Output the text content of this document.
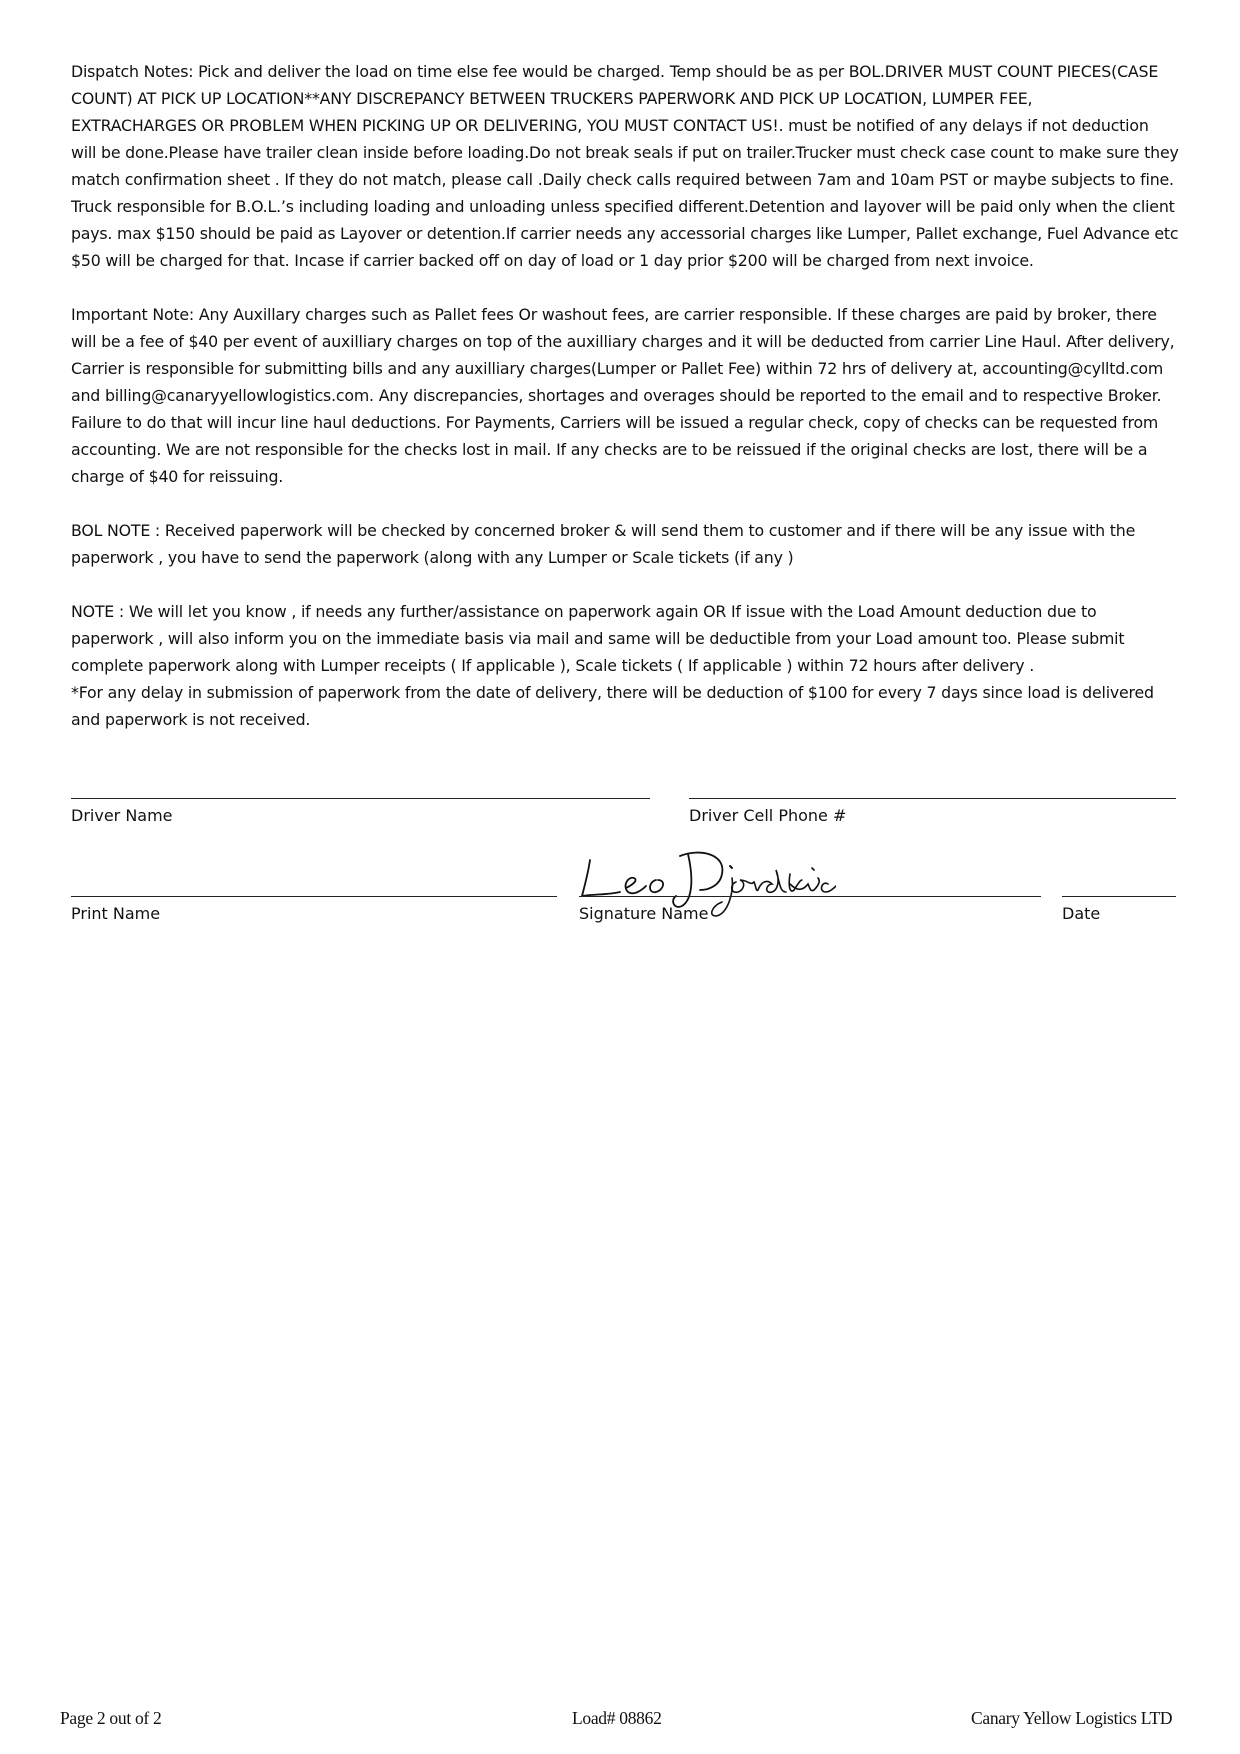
Dispatch Notes: Pick and deliver the load on time else fee would be charged. Temp should be as per BOL.DRIVER MUST COUNT PIECES(CASE
COUNT) AT PICK UP LOCATION**ANY DISCREPANCY BETWEEN TRUCKERS PAPERWORK AND PICK UP LOCATION, LUMPER FEE,
EXTRACHARGES OR PROBLEM WHEN PICKING UP OR DELIVERING, YOU MUST CONTACT US!. must be notified of any delays if not deduction
will be done.Please have trailer clean inside before loading.Do not break seals if put on trailer.Trucker must check case count to make sure they
match confirmation sheet . If they do not match, please call .Daily check calls required between 7am and 10am PST or maybe subjects to fine.
Truck responsible for B.O.L.’s including loading and unloading unless specified different.Detention and layover will be paid only when the client
pays. max $150 should be paid as Layover or detention.If carrier needs any accessorial charges like Lumper, Pallet exchange, Fuel Advance etc
$50 will be charged for that. Incase if carrier backed off on day of load or 1 day prior $200 will be charged from next invoice.
Important Note: Any Auxillary charges such as Pallet fees Or washout fees, are carrier responsible. If these charges are paid by broker, there
will be a fee of $40 per event of auxilliary charges on top of the auxilliary charges and it will be deducted from carrier Line Haul. After delivery,
Carrier is responsible for submitting bills and any auxilliary charges(Lumper or Pallet Fee) within 72 hrs of delivery at, accounting@cylltd.com
and billing@canaryyellowlogistics.com. Any discrepancies, shortages and overages should be reported to the email and to respective Broker.
Failure to do that will incur line haul deductions. For Payments, Carriers will be issued a regular check, copy of checks can be requested from
accounting. We are not responsible for the checks lost in mail. If any checks are to be reissued if the original checks are lost, there will be a
charge of $40 for reissuing.
BOL NOTE : Received paperwork will be checked by concerned broker & will send them to customer and if there will be any issue with the
paperwork , you have to send the paperwork (along with any Lumper or Scale tickets (if any )
NOTE : We will let you know , if needs any further/assistance on paperwork again OR If issue with the Load Amount deduction due to
paperwork , will also inform you on the immediate basis via mail and same will be deductible from your Load amount too. Please submit
complete paperwork along with Lumper receipts ( If applicable ), Scale tickets ( If applicable ) within 72 hours after delivery .
*For any delay in submission of paperwork from the date of delivery, there will be deduction of $100 for every 7 days since load is delivered
and paperwork is not received.
Driver Name	Driver Cell Phone #
Print Name	Signature Name	Date
Page 2 out of 2	Load# 08862	Canary Yellow Logistics LTD
